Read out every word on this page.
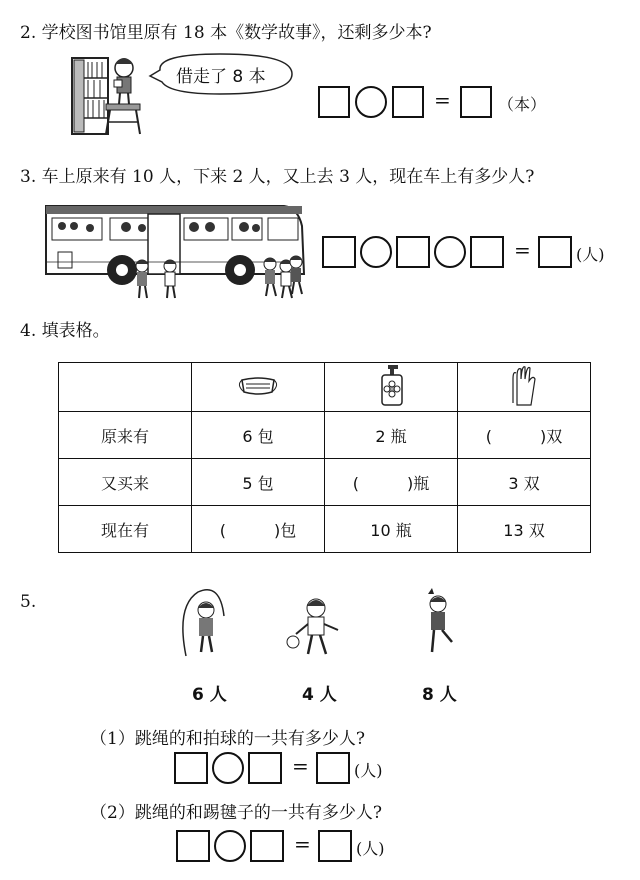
2. 学校图书馆里原有 18 本《数学故事》，还剩多少本?
借走了 8 本
=	（本）
3. 车上原来有 10 人，下来 2 人，又上去 3 人，现在车上有多少人?
=	(人)
4. 填表格。

原来有	6 包	2 瓶	(　　　)双
又买来	5 包	(　　　)瓶	3 双
现在有	(　　　)包	10 瓶	13 双
5.
6 人	4 人	8 人
（1）跳绳的和拍球的一共有多少人?
=	(人)
（2）跳绳的和踢毽子的一共有多少人?
=	(人)
